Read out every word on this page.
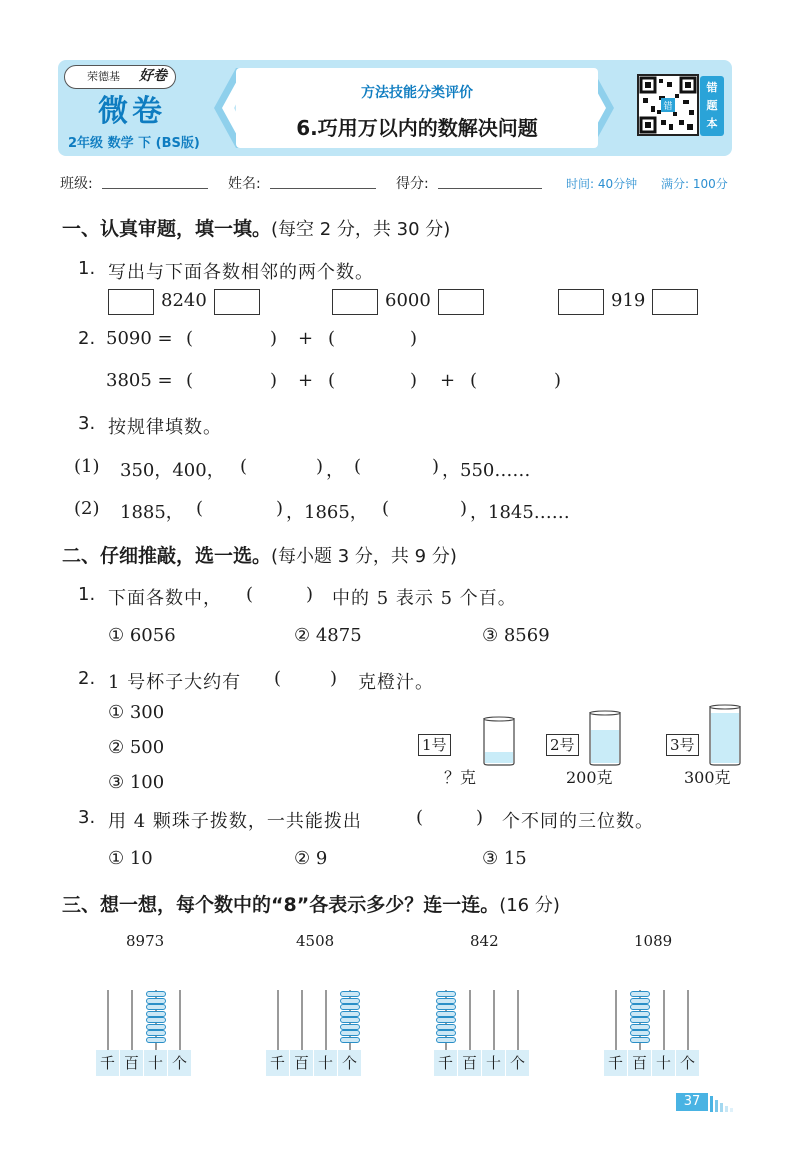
荣德基 好卷
微卷
2年级 数学 下 (BS版)
方法技能分类评价
6.巧用万以内的数解决问题
错
错题本
班级:	姓名:	得分:	时间: 40分钟 满分: 100分
一、认真审题，填一填。(每空 2 分，共 30 分)
1. 写出与下面各数相邻的两个数。
8240	6000	919
2. 5090 = (	) + (	)
3805 = (	) + (	) + (	)
3. 按规律填数。
(1) 350，400， (	) ， (	) ，550……
(2) 1885， (	) ，1865， (	) ，1845……
二、仔细推敲，选一选。(每小题 3 分，共 9 分)
1. 下面各数中， (	) 中的 5 表示 5 个百。
① 6056	② 4875	③ 8569
2. 1 号杯子大约有 (	) 克橙汁。
① 300
② 500
③ 100
1号
？克
2号
200克
3号
300克
3. 用 4 颗珠子拨数，一共能拨出	(	) 个不同的三位数。
① 10	② 9	③ 15
三、想一想，每个数中的“8”各表示多少？连一连。(16 分)
8973
千 百 十 个
4508
千 百 十 个
842
千 百 十 个
1089
千 百 十 个
37
